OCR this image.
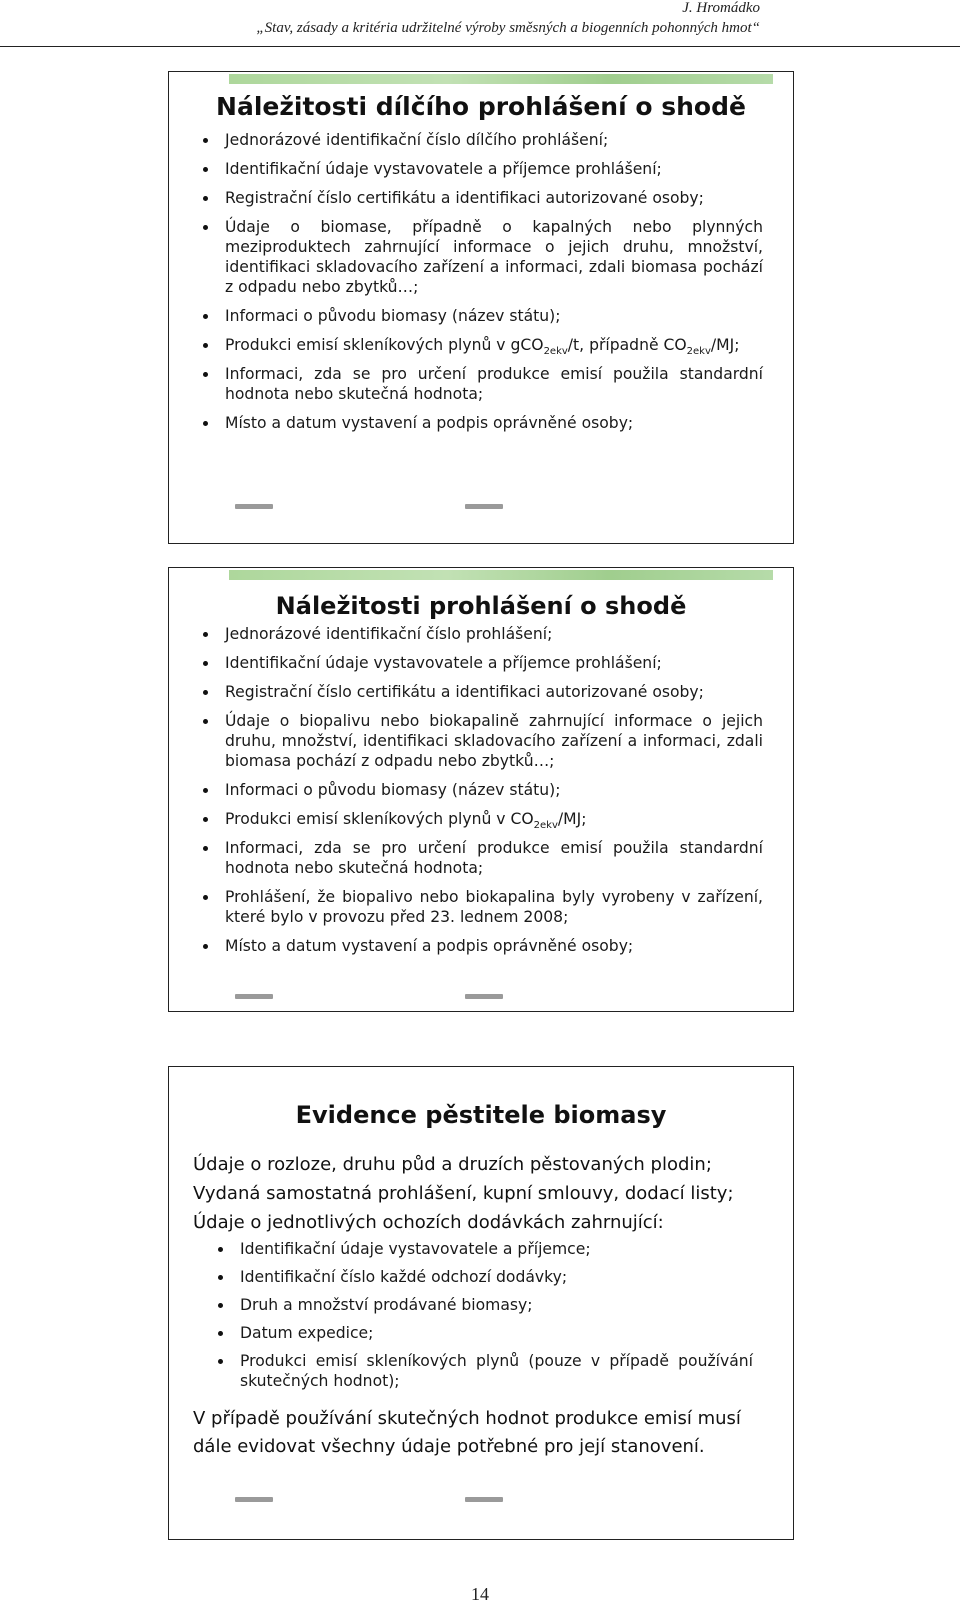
J. Hromádko
„Stav, zásady a kritéria udržitelné výroby směsných a biogenních pohonných hmot“
Náležitosti dílčího prohlášení o shodě
Jednorázové identifikační číslo dílčího prohlášení;
Identifikační údaje vystavovatele a příjemce prohlášení;
Registrační číslo certifikátu a identifikaci autorizované osoby;
Údaje o biomase, případně o kapalných nebo plynných meziproduktech zahrnující informace o jejich druhu, množství, identifikaci skladovacího zařízení a informaci, zdali biomasa pochází z odpadu nebo zbytků…;
Informaci o původu biomasy (název státu);
Produkci emisí skleníkových plynů v gCO$_{2ekv}$/t, případně $CO_{2ekv}/MJ$;
Informaci, zda se pro určení produkce emisí použila standardní hodnota nebo skutečná hodnota;
Místo a datum vystavení a podpis oprávněné osoby;
Náležitosti prohlášení o shodě
Jednorázové identifikační číslo prohlášení;
Identifikační údaje vystavovatele a příjemce prohlášení;
Registrační číslo certifikátu a identifikaci autorizované osoby;
Údaje o biopalivu nebo biokapalině zahrnující informace o jejich druhu, množství, identifikaci skladovacího zařízení a informaci, zdali biomasa pochází z odpadu nebo zbytků…;
Informaci o původu biomasy (název státu);
Produkci emisí skleníkových plynů v $CO_{2ekv}/MJ$;
Informaci, zda se pro určení produkce emisí použila standardní hodnota nebo skutečná hodnota;
Prohlášení, že biopalivo nebo biokapalina byly vyrobeny v zařízení, které bylo v provozu před 23. lednem 2008;
Místo a datum vystavení a podpis oprávněné osoby;
Evidence pěstitele biomasy
Údaje o rozloze, druhu půd a druzích pěstovaných plodin;
Vydaná samostatná prohlášení, kupní smlouvy, dodací listy;
Údaje o jednotlivých ochozích dodávkách zahrnující:
Identifikační údaje vystavovatele a příjemce;
Identifikační číslo každé odchozí dodávky;
Druh a množství prodávané biomasy;
Datum expedice;
Produkci emisí skleníkových plynů (pouze v případě používání skutečných hodnot);
V případě používání skutečných hodnot produkce emisí musí dále evidovat všechny údaje potřebné pro její stanovení.
14
